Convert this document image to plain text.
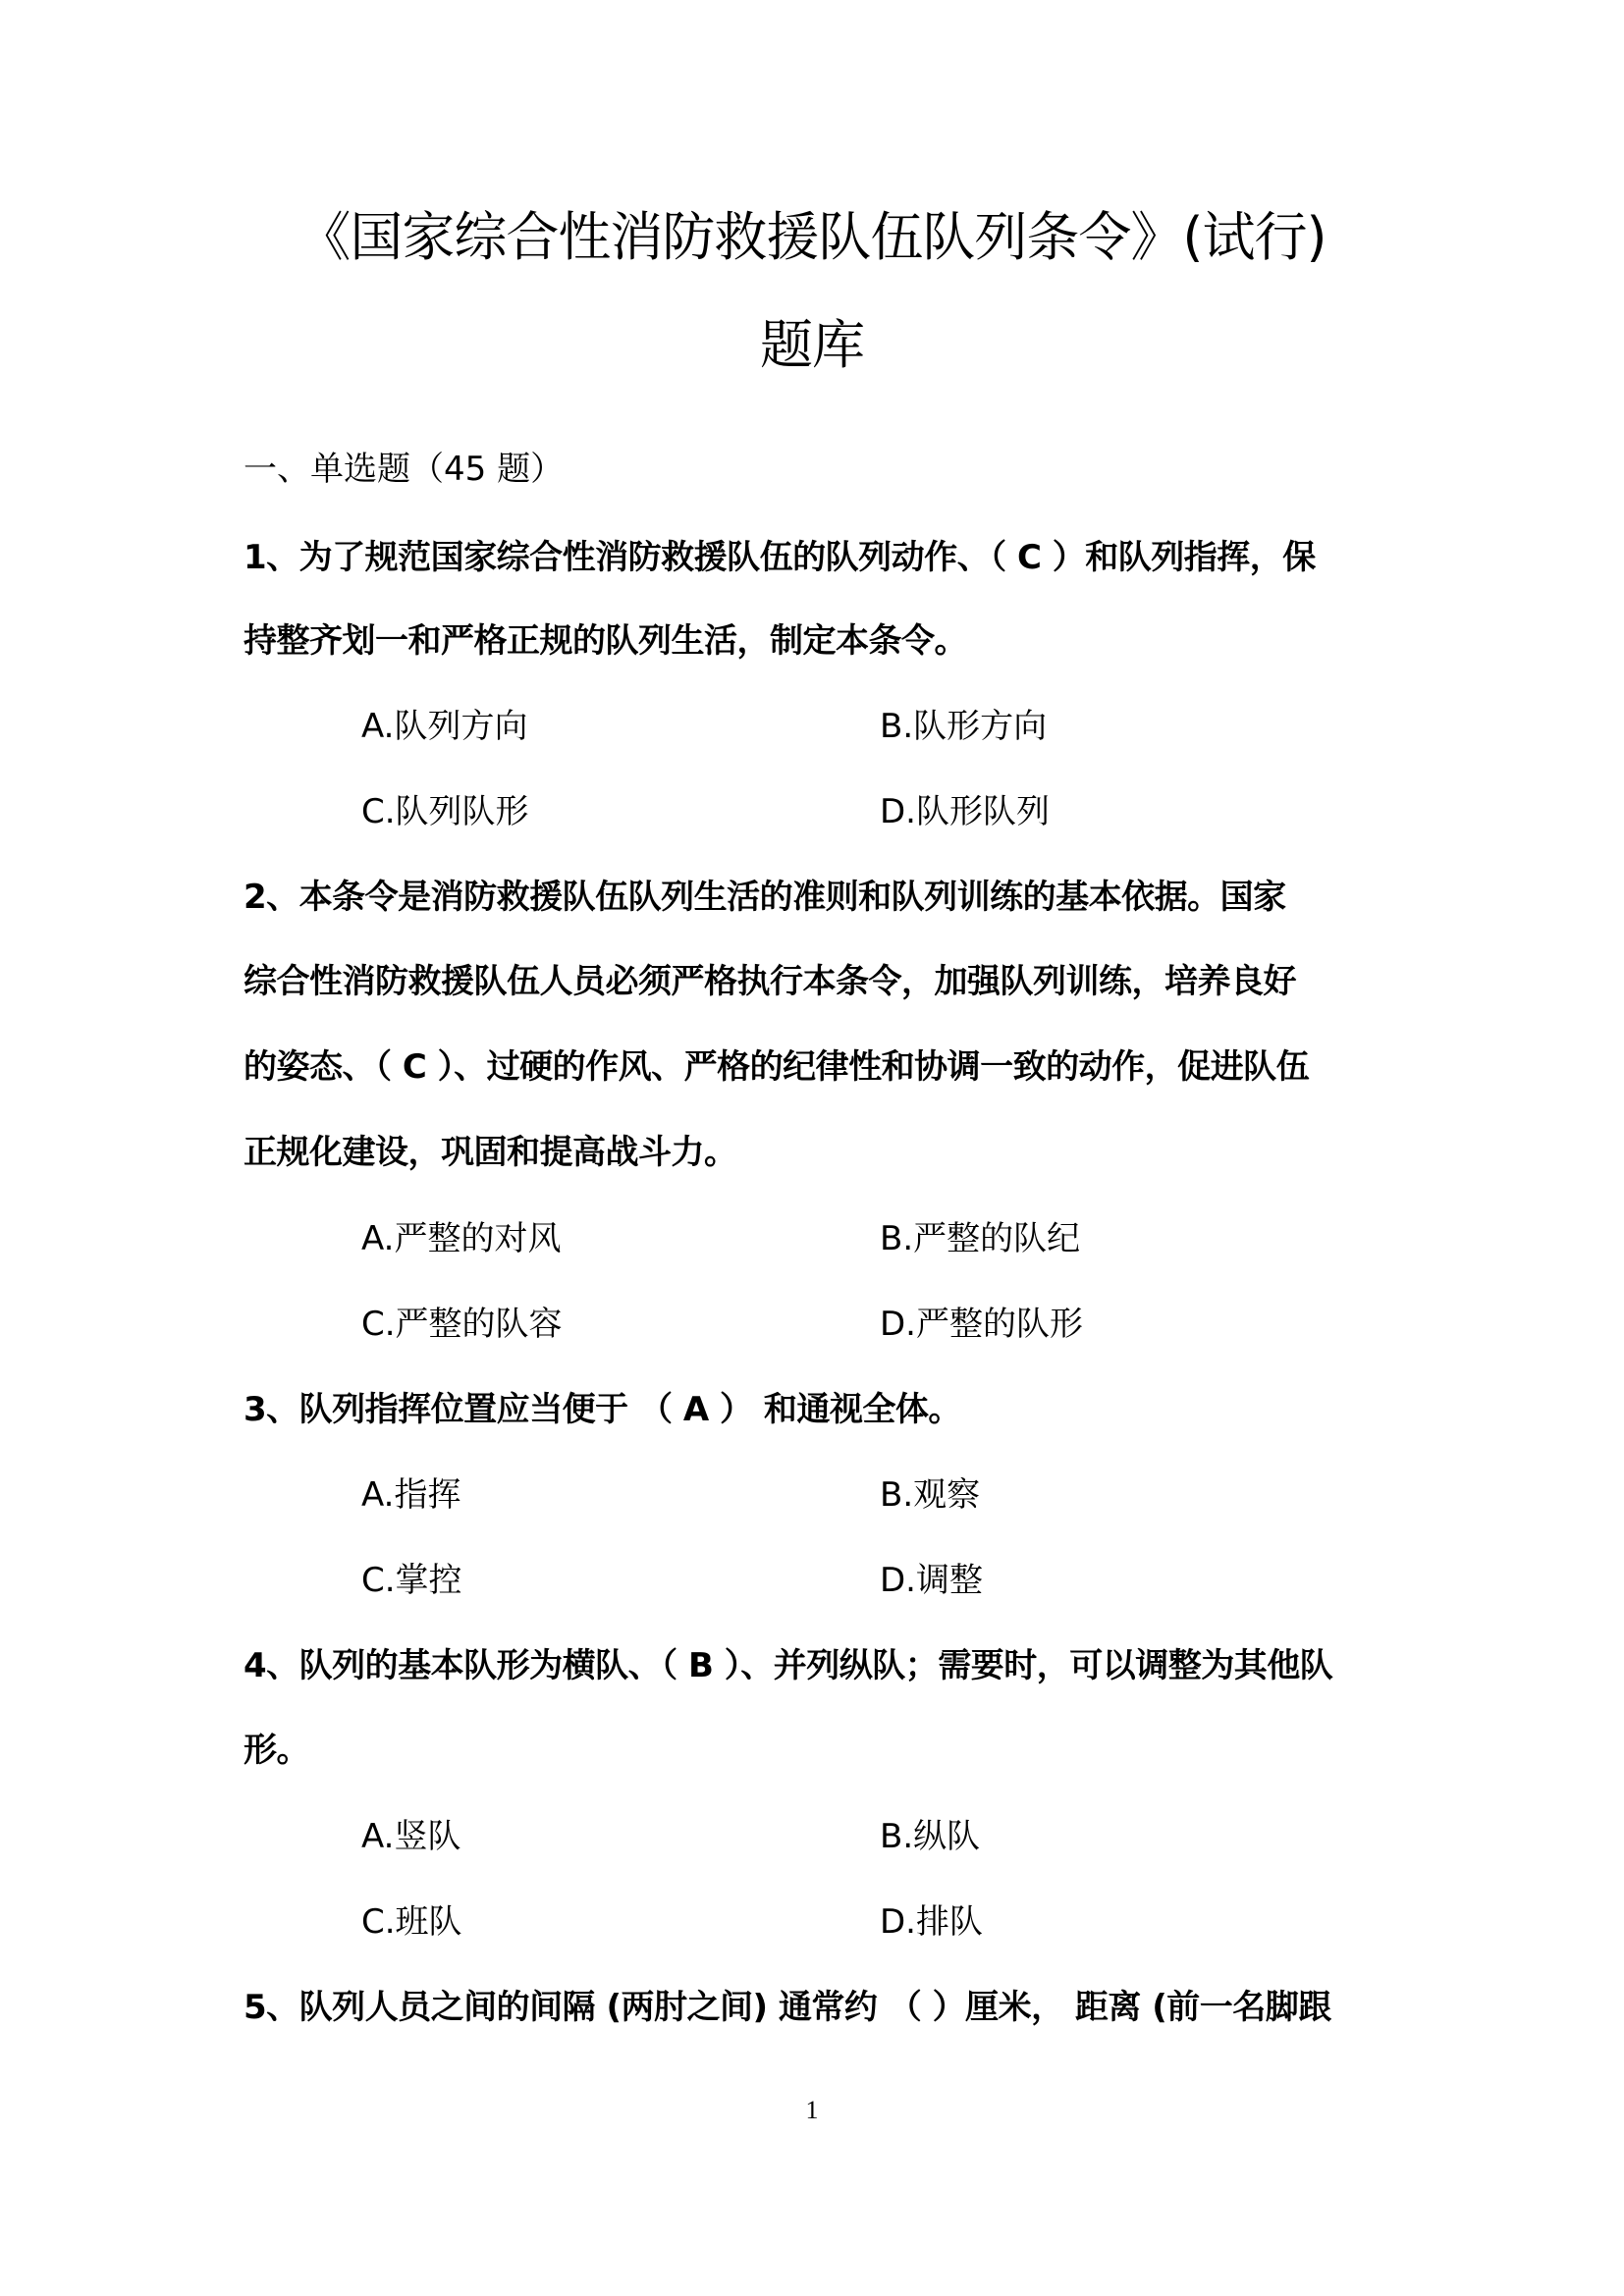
《国家综合性消防救援队伍队列条令》(试行)
题库
一、单选题（45 题）
1、为了规范国家综合性消防救援队伍的队列动作、（ C ）和队列指挥，保
持整齐划一和严格正规的队列生活，制定本条令。
A.队列方向	B.队形方向
C.队列队形	D.队形队列
2、本条令是消防救援队伍队列生活的准则和队列训练的基本依据。国家
综合性消防救援队伍人员必须严格执行本条令，加强队列训练，培养良好
的姿态、（ C ）、过硬的作风、严格的纪律性和协调一致的动作，促进队伍
正规化建设，巩固和提高战斗力。
A.严整的对风	B.严整的队纪
C.严整的队容	D.严整的队形
3、队列指挥位置应当便于 （ A ） 和通视全体。
A.指挥	B.观察
C.掌控	D.调整
4、队列的基本队形为横队、（ B ）、并列纵队；需要时，可以调整为其他队
形。
A.竖队	B.纵队
C.班队	D.排队
5、队列人员之间的间隔 (两肘之间) 通常约 （ ）厘米， 距离 (前一名脚跟
1
